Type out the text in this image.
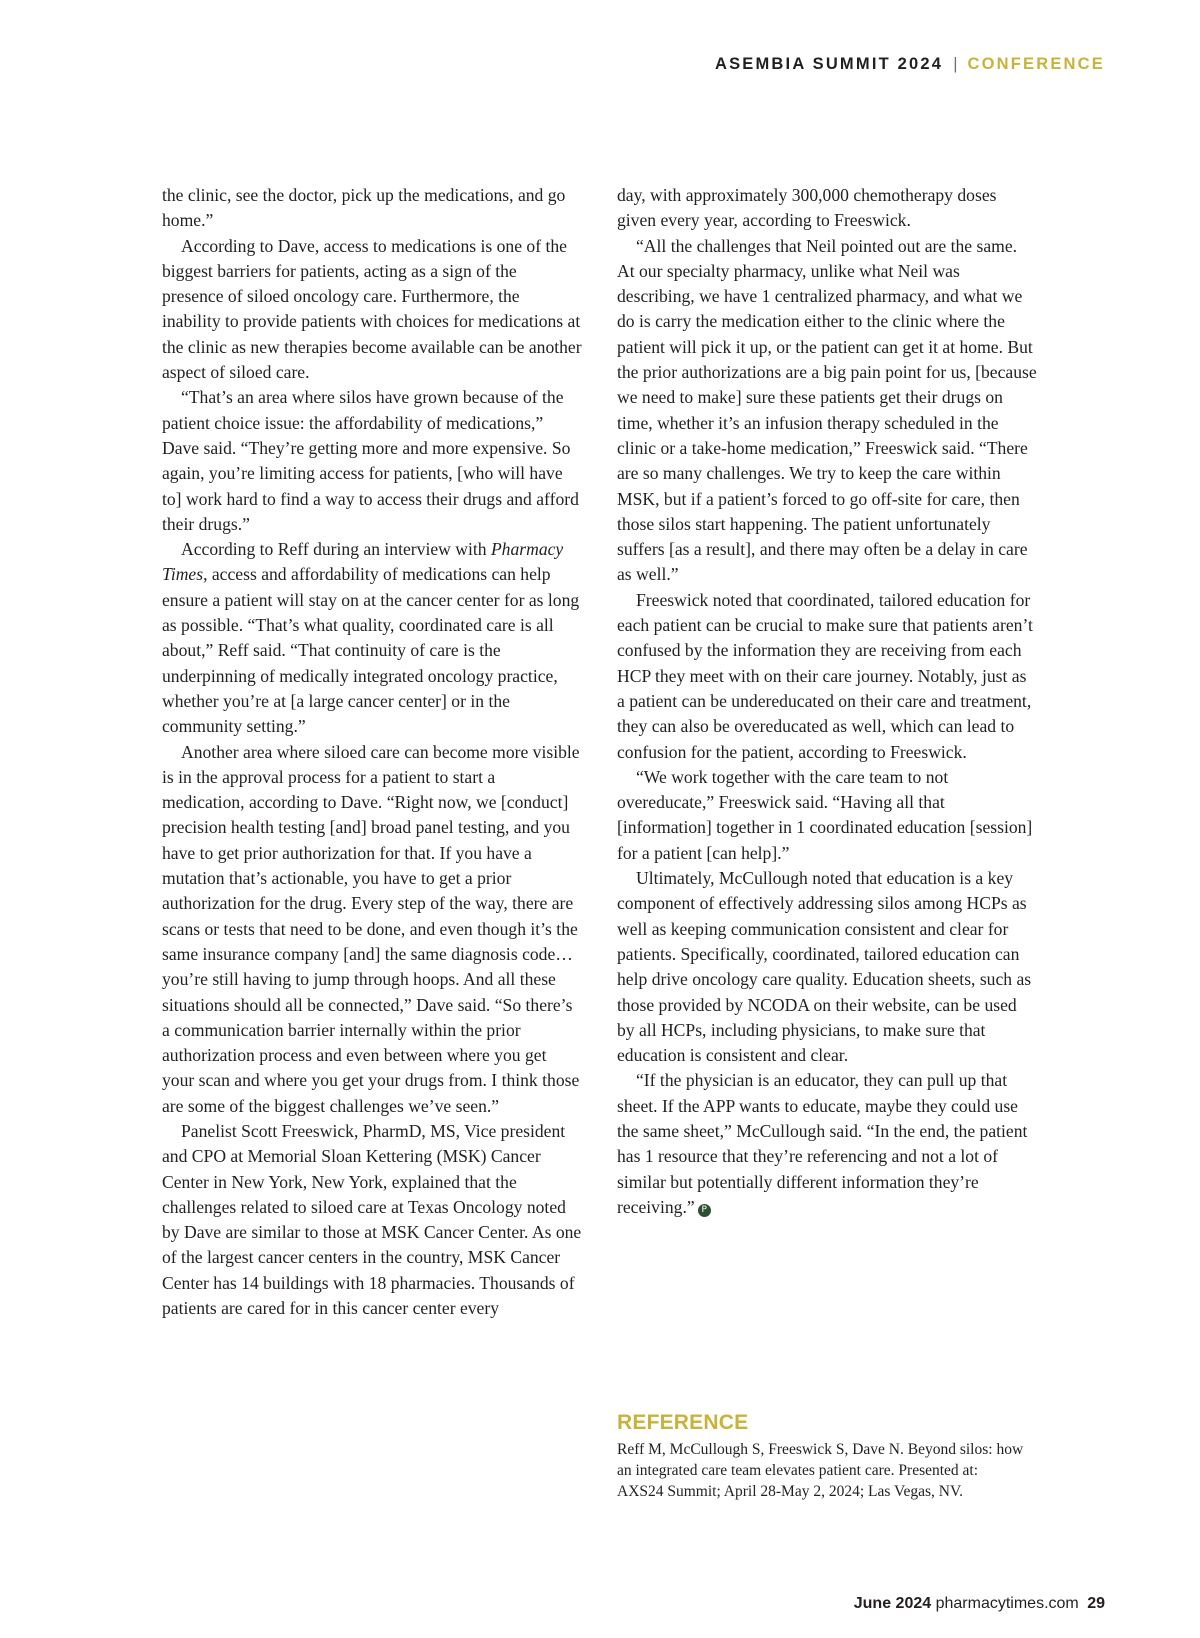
ASEMBIA SUMMIT 2024 | CONFERENCE

the clinic, see the doctor, pick up the medications, and go home.”

According to Dave, access to medications is one of the biggest barriers for patients, acting as a sign of the presence of siloed oncology care. Furthermore, the inability to provide patients with choices for medications at the clinic as new therapies become available can be another aspect of siloed care.

“That’s an area where silos have grown because of the patient choice issue: the affordability of medications,” Dave said. “They’re getting more and more expensive. So again, you’re limiting access for patients, [who will have to] work hard to find a way to access their drugs and afford their drugs.”

According to Reff during an interview with Pharmacy Times, access and affordability of medications can help ensure a patient will stay on at the cancer center for as long as possible. “That’s what quality, coordinated care is all about,” Reff said. “That continuity of care is the underpinning of medically integrated oncology practice, whether you’re at [a large cancer center] or in the community setting.”

Another area where siloed care can become more visible is in the approval process for a patient to start a medication, according to Dave. “Right now, we [conduct] precision health testing [and] broad panel testing, and you have to get prior authorization for that. If you have a mutation that’s actionable, you have to get a prior authorization for the drug. Every step of the way, there are scans or tests that need to be done, and even though it’s the same insurance company [and] the same diagnosis code…you’re still having to jump through hoops. And all these situations should all be connected,” Dave said. “So there’s a communication barrier internally within the prior authorization process and even between where you get your scan and where you get your drugs from. I think those are some of the biggest challenges we’ve seen.”

Panelist Scott Freeswick, PharmD, MS, Vice president and CPO at Memorial Sloan Kettering (MSK) Cancer Center in New York, New York, explained that the challenges related to siloed care at Texas Oncology noted by Dave are similar to those at MSK Cancer Center. As one of the largest cancer centers in the country, MSK Cancer Center has 14 buildings with 18 pharmacies. Thousands of patients are cared for in this cancer center every

day, with approximately 300,000 chemotherapy doses given every year, according to Freeswick.

“All the challenges that Neil pointed out are the same. At our specialty pharmacy, unlike what Neil was describing, we have 1 centralized pharmacy, and what we do is carry the medication either to the clinic where the patient will pick it up, or the patient can get it at home. But the prior authorizations are a big pain point for us, [because we need to make] sure these patients get their drugs on time, whether it’s an infusion therapy scheduled in the clinic or a take-home medication,” Freeswick said. “There are so many challenges. We try to keep the care within MSK, but if a patient’s forced to go off-site for care, then those silos start happening. The patient unfortunately suffers [as a result], and there may often be a delay in care as well.”

Freeswick noted that coordinated, tailored education for each patient can be crucial to make sure that patients aren’t confused by the information they are receiving from each HCP they meet with on their care journey. Notably, just as a patient can be undereducated on their care and treatment, they can also be overeducated as well, which can lead to confusion for the patient, according to Freeswick.

“We work together with the care team to not overeducate,” Freeswick said. “Having all that [information] together in 1 coordinated education [session] for a patient [can help].”

Ultimately, McCullough noted that education is a key component of effectively addressing silos among HCPs as well as keeping communication consistent and clear for patients. Specifically, coordinated, tailored education can help drive oncology care quality. Education sheets, such as those provided by NCODA on their website, can be used by all HCPs, including physicians, to make sure that education is consistent and clear.

“If the physician is an educator, they can pull up that sheet. If the APP wants to educate, maybe they could use the same sheet,” McCullough said. “In the end, the patient has 1 resource that they’re referencing and not a lot of similar but potentially different information they’re receiving.” P

REFERENCE

Reff M, McCullough S, Freeswick S, Dave N. Beyond silos: how an integrated care team elevates patient care. Presented at: AXS24 Summit; April 28-May 2, 2024; Las Vegas, NV.

June 2024 pharmacytimes.com 29
